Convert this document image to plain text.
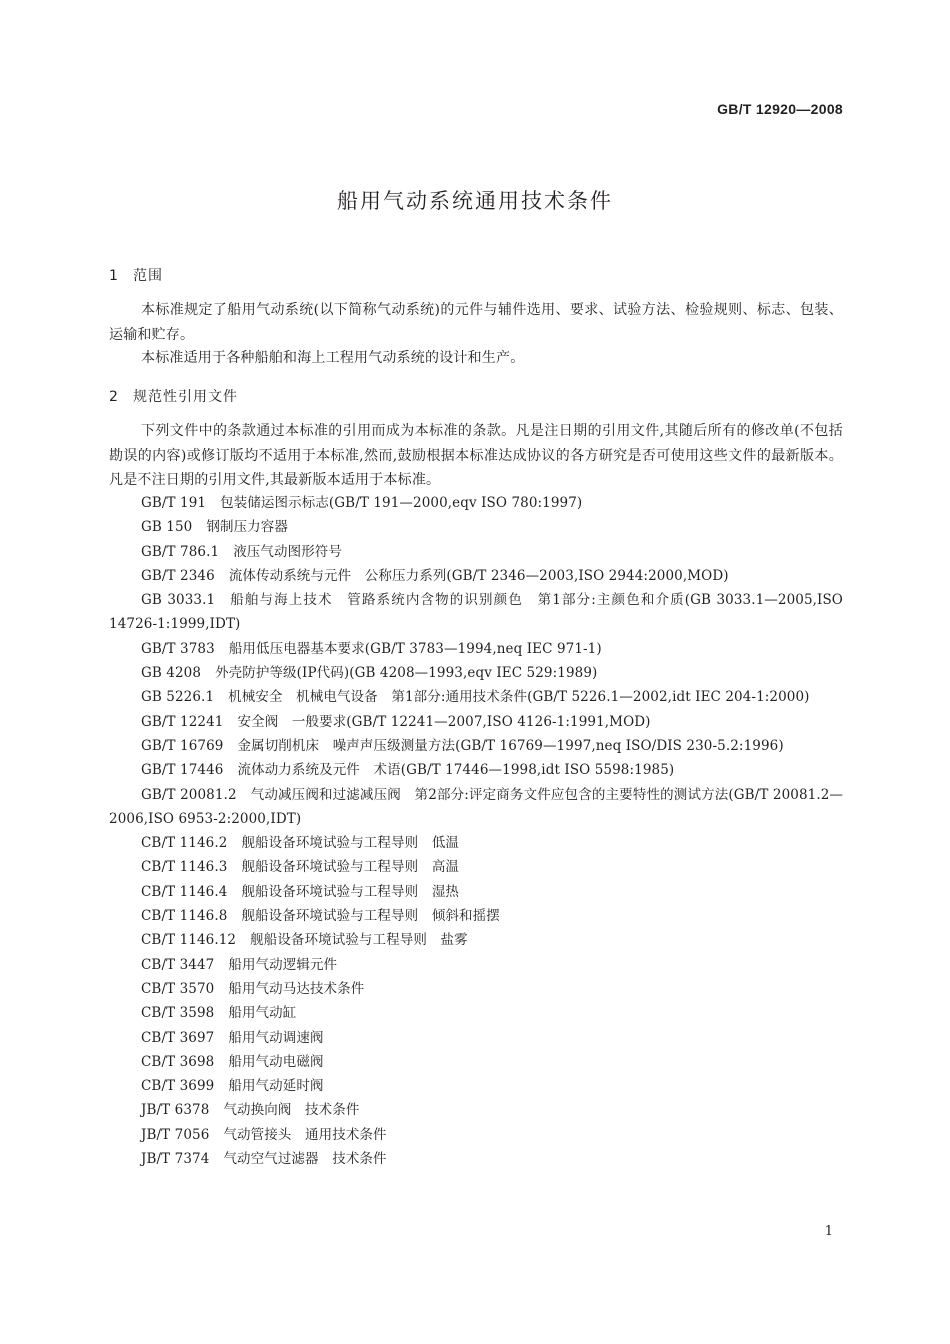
GB/T 12920—2008
船用气动系统通用技术条件
1 范围
本标准规定了船用气动系统(以下简称气动系统)的元件与辅件选用、要求、试验方法、检验规则、标志、包装、运输和贮存。
本标准适用于各种船舶和海上工程用气动系统的设计和生产。
2 规范性引用文件
下列文件中的条款通过本标准的引用而成为本标准的条款。凡是注日期的引用文件,其随后所有的修改单(不包括勘误的内容)或修订版均不适用于本标准,然而,鼓励根据本标准达成协议的各方研究是否可使用这些文件的最新版本。凡是不注日期的引用文件,其最新版本适用于本标准。
GB/T 191 包装储运图示标志(GB/T 191—2000,eqv ISO 780:1997)
GB 150 钢制压力容器
GB/T 786.1 液压气动图形符号
GB/T 2346 流体传动系统与元件　公称压力系列(GB/T 2346—2003,ISO 2944:2000,MOD)
GB 3033.1 船舶与海上技术　管路系统内含物的识别颜色　第1部分:主颜色和介质(GB 3033.1—2005,ISO 14726-1:1999,IDT)
GB/T 3783 船用低压电器基本要求(GB/T 3783—1994,neq IEC 971-1)
GB 4208 外壳防护等级(IP代码)(GB 4208—1993,eqv IEC 529:1989)
GB 5226.1 机械安全　机械电气设备　第1部分:通用技术条件(GB/T 5226.1—2002,idt IEC 204-1:2000)
GB/T 12241 安全阀　一般要求(GB/T 12241—2007,ISO 4126-1:1991,MOD)
GB/T 16769 金属切削机床　噪声声压级测量方法(GB/T 16769—1997,neq ISO/DIS 230-5.2:1996)
GB/T 17446 流体动力系统及元件　术语(GB/T 17446—1998,idt ISO 5598:1985)
GB/T 20081.2 气动减压阀和过滤减压阀　第2部分:评定商务文件应包含的主要特性的测试方法(GB/T 20081.2—2006,ISO 6953-2:2000,IDT)
CB/T 1146.2 舰船设备环境试验与工程导则　低温
CB/T 1146.3 舰船设备环境试验与工程导则　高温
CB/T 1146.4 舰船设备环境试验与工程导则　湿热
CB/T 1146.8 舰船设备环境试验与工程导则　倾斜和摇摆
CB/T 1146.12 舰船设备环境试验与工程导则　盐雾
CB/T 3447 船用气动逻辑元件
CB/T 3570 船用气动马达技术条件
CB/T 3598 船用气动缸
CB/T 3697 船用气动调速阀
CB/T 3698 船用气动电磁阀
CB/T 3699 船用气动延时阀
JB/T 6378 气动换向阀　技术条件
JB/T 7056 气动管接头　通用技术条件
JB/T 7374 气动空气过滤器　技术条件
1
